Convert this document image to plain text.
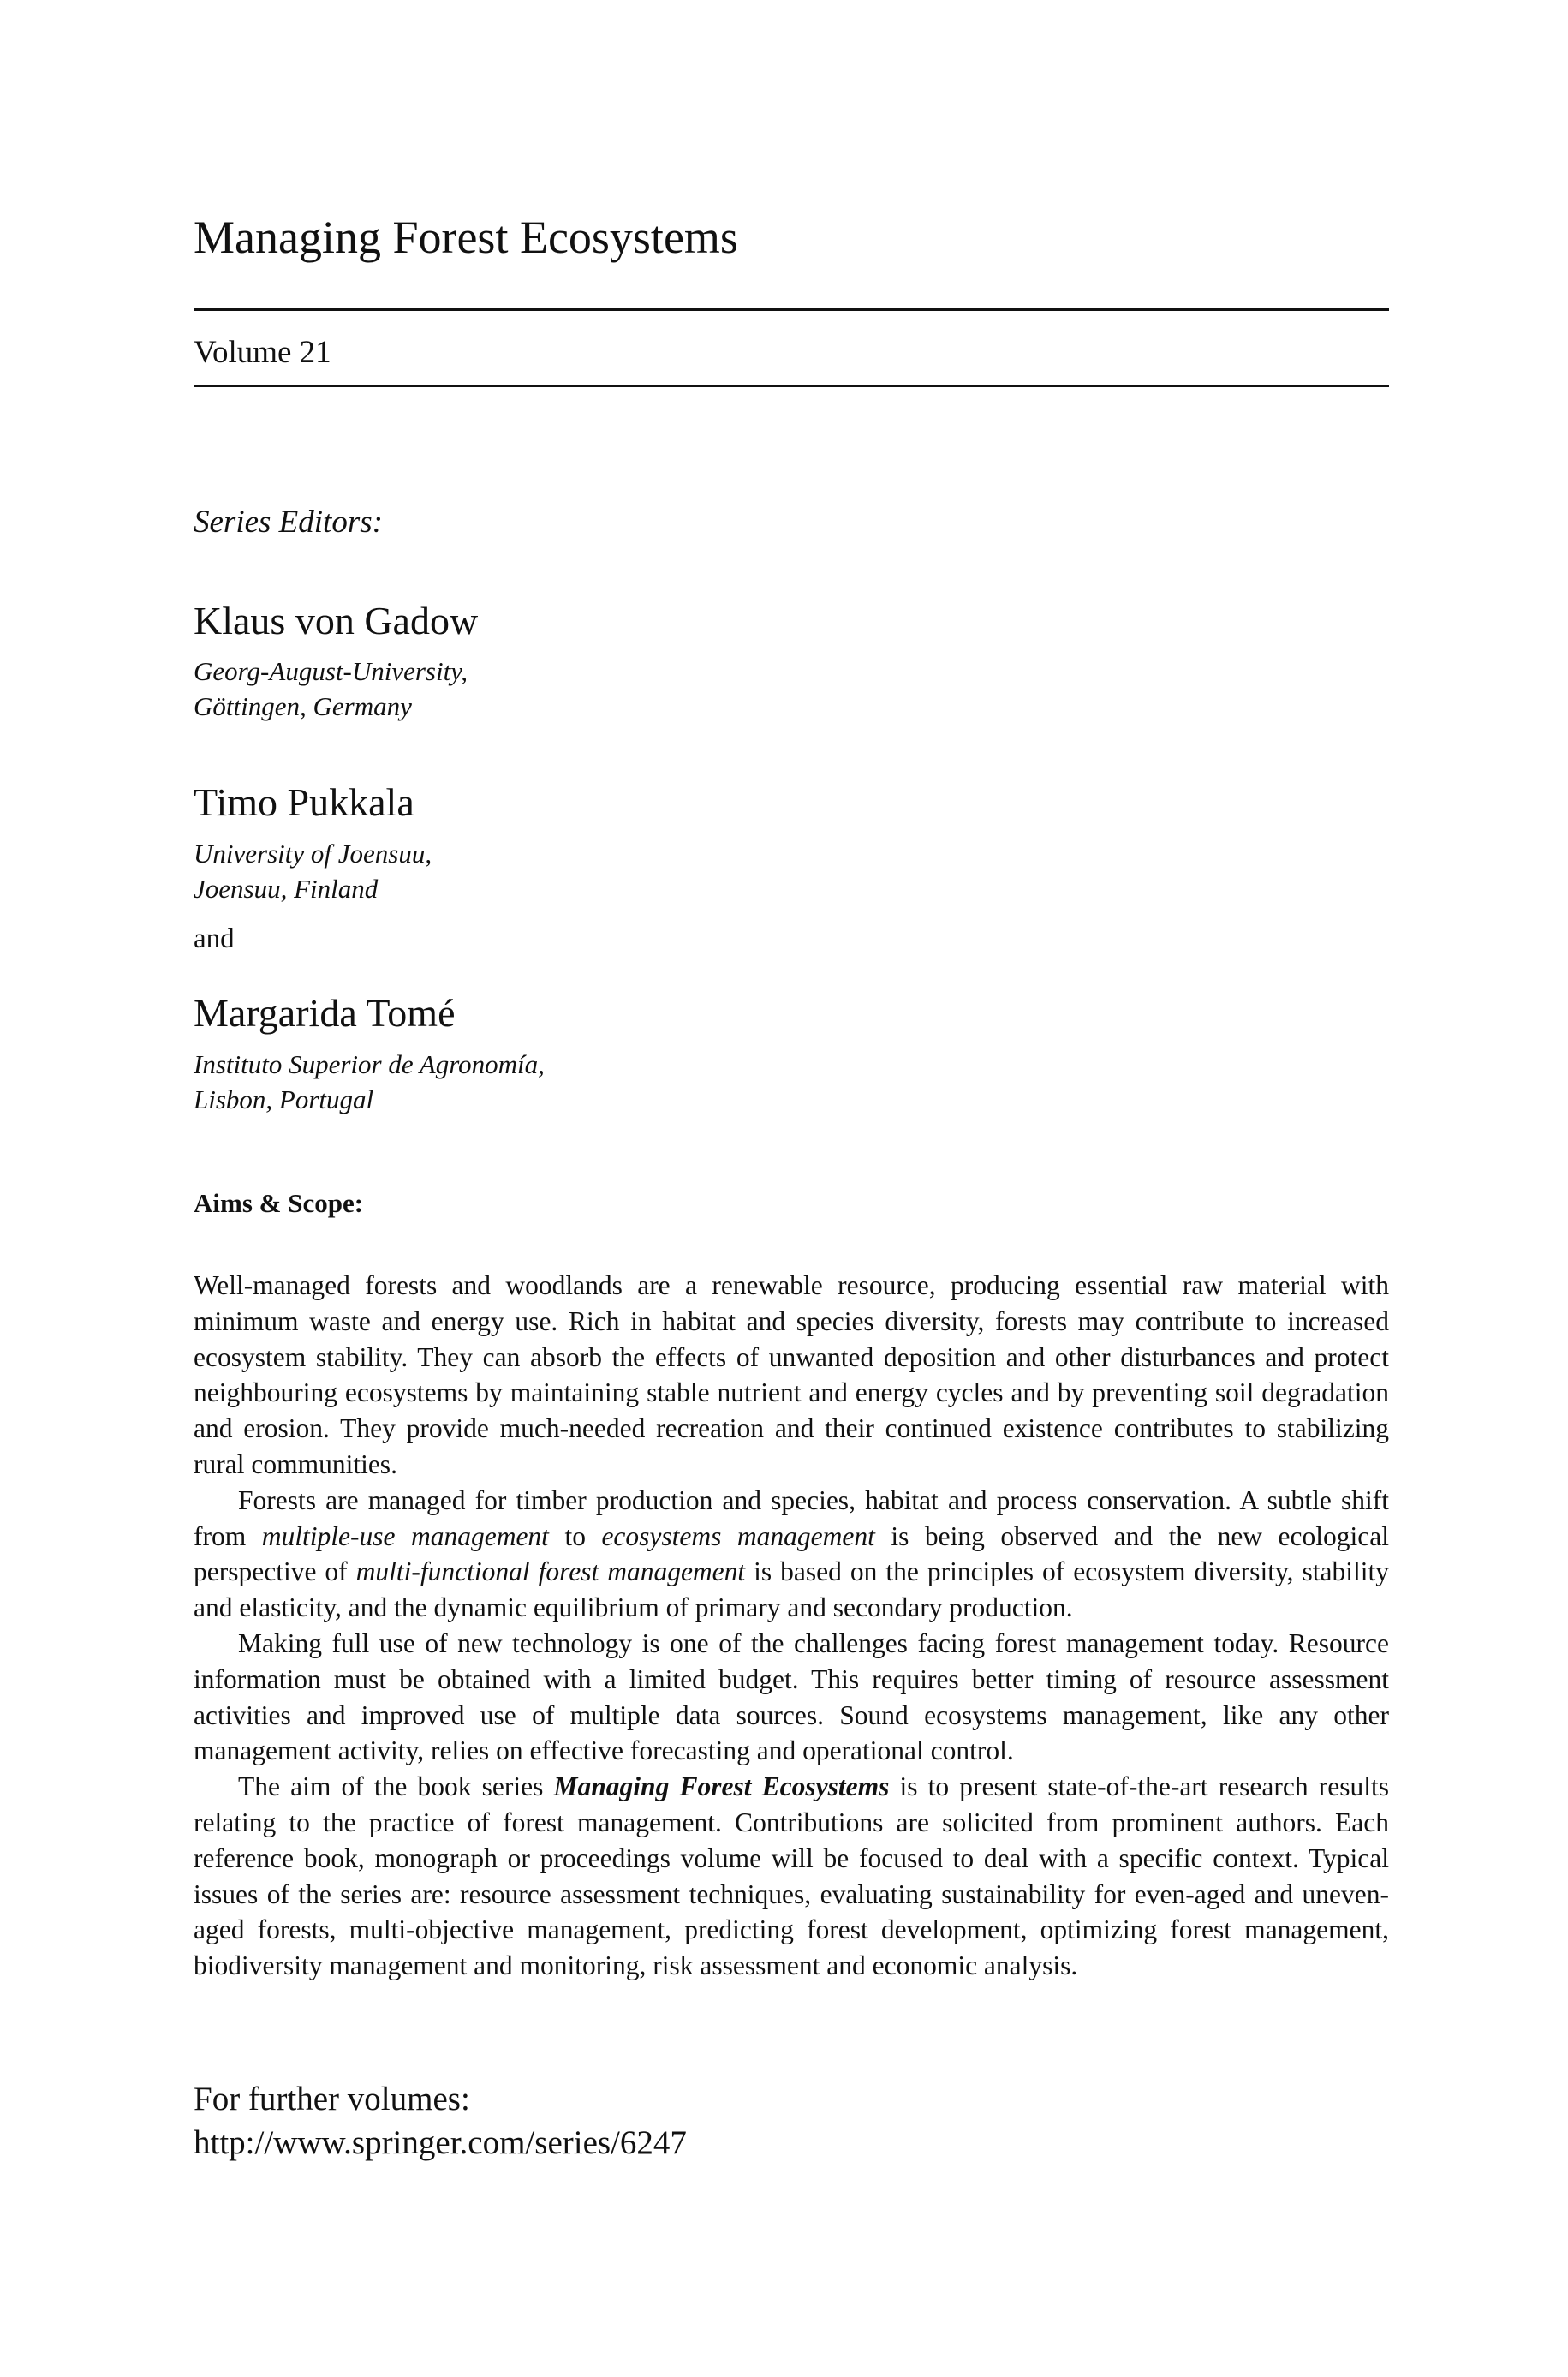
Managing Forest Ecosystems
Volume 21
Series Editors:
Klaus von Gadow
Georg-August-University,
Göttingen, Germany
Timo Pukkala
University of Joensuu,
Joensuu, Finland
and
Margarida Tomé
Instituto Superior de Agronomía,
Lisbon, Portugal
Aims & Scope:

Well-managed forests and woodlands are a renewable resource, producing essential raw material with minimum waste and energy use. Rich in habitat and species diversity, forests may contribute to increased ecosystem stability. They can absorb the effects of unwanted deposition and other disturbances and protect neighbouring ecosystems by maintaining stable nutrient and energy cycles and by preventing soil degradation and erosion. They provide much-needed recreation and their continued existence contributes to stabilizing rural communities.

Forests are managed for timber production and species, habitat and process conservation. A subtle shift from multiple-use management to ecosystems management is being observed and the new ecological perspective of multi-functional forest management is based on the principles of ecosystem diversity, stability and elasticity, and the dynamic equilibrium of primary and secondary production.

Making full use of new technology is one of the challenges facing forest management today. Resource information must be obtained with a limited budget. This requires better timing of resource assessment activities and improved use of multiple data sources. Sound ecosystems management, like any other management activity, relies on effective forecasting and operational control.

The aim of the book series Managing Forest Ecosystems is to present state-of-the-art research results relating to the practice of forest management. Contributions are solicited from prominent authors. Each reference book, monograph or proceedings volume will be focused to deal with a specific context. Typical issues of the series are: resource assessment techniques, evaluating sustainability for even-aged and uneven-aged forests, multi-objective management, predicting forest development, optimizing forest management, biodiversity management and monitoring, risk assessment and economic analysis.

For further volumes:
http://www.springer.com/series/6247
